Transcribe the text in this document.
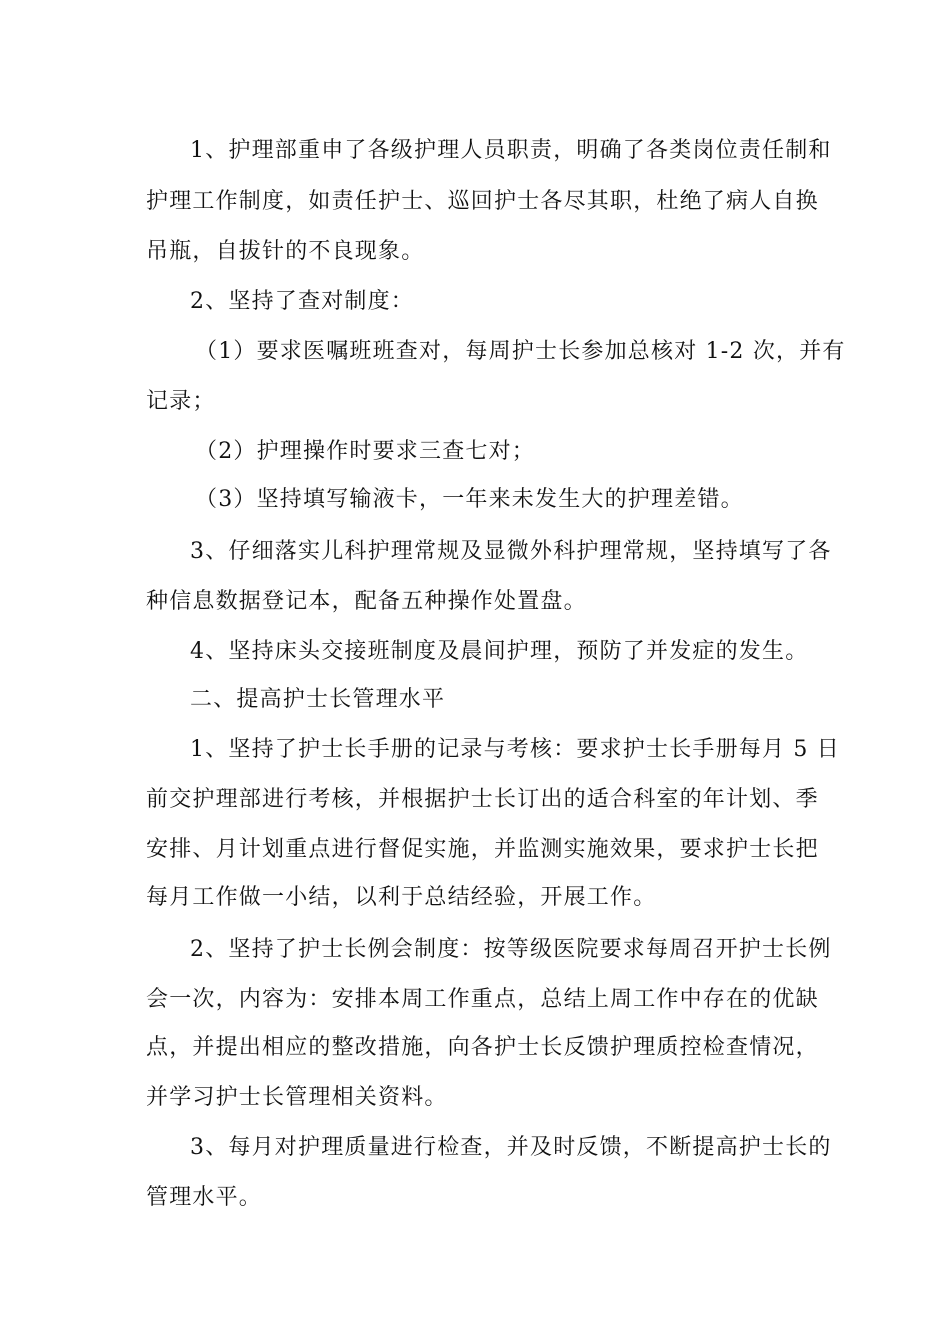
1、护理部重申了各级护理人员职责，明确了各类岗位责任制和
护理工作制度，如责任护士、巡回护士各尽其职，杜绝了病人自换
吊瓶，自拔针的不良现象。
2、坚持了查对制度：
（1）要求医嘱班班查对，每周护士长参加总核对 1-2 次，并有
记录；
（2）护理操作时要求三查七对；
（3）坚持填写输液卡，一年来未发生大的护理差错。
3、仔细落实儿科护理常规及显微外科护理常规，坚持填写了各
种信息数据登记本，配备五种操作处置盘。
4、坚持床头交接班制度及晨间护理，预防了并发症的发生。
二、提高护士长管理水平
1、坚持了护士长手册的记录与考核：要求护士长手册每月 5 日
前交护理部进行考核，并根据护士长订出的适合科室的年计划、季
安排、月计划重点进行督促实施，并监测实施效果，要求护士长把
每月工作做一小结，以利于总结经验，开展工作。
2、坚持了护士长例会制度：按等级医院要求每周召开护士长例
会一次，内容为：安排本周工作重点，总结上周工作中存在的优缺
点，并提出相应的整改措施，向各护士长反馈护理质控检查情况，
并学习护士长管理相关资料。
3、每月对护理质量进行检查，并及时反馈，不断提高护士长的
管理水平。
